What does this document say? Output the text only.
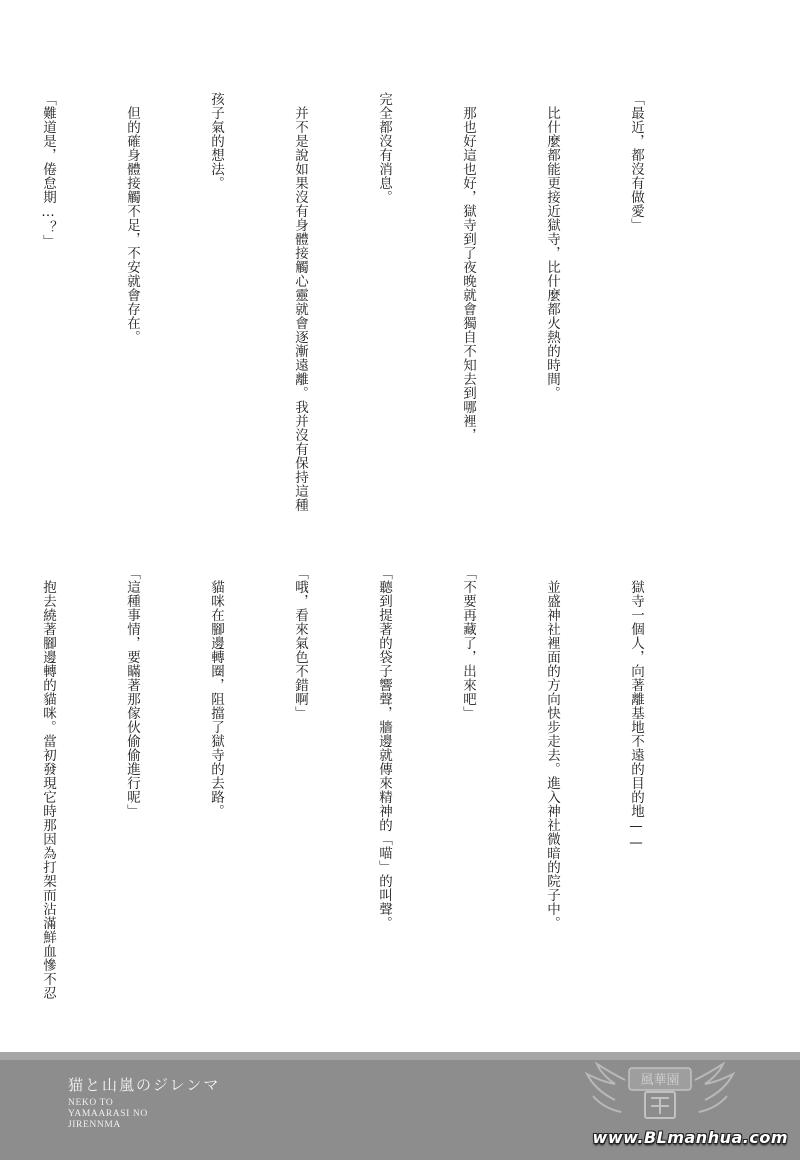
「最近，都沒有做愛」

　比什麼都能更接近獄寺，比什麼都火熱的時間。

　那也好這也好，獄寺到了夜晚就會獨自不知去到哪裡，

完全都沒有消息。

　并不是說如果沒有身體接觸心靈就會逐漸遠離。我并沒有保持這種

孩子氣的想法。

　但的確身體接觸不足，不安就會存在。

「難道是，倦怠期…？」

　獄寺一個人，向著離基地不遠的目的地——

　並盛神社裡面的方向快步走去。進入神社微暗的院子中。

「不要再藏了，出來吧」

「聽到提著的袋子響聲，牆邊就傳來精神的「喵」的叫聲。

「哦，看來氣色不錯啊」

　貓咪在腳邊轉圈，阻擋了獄寺的去路。

「這種事情，要瞞著那傢伙偷偷進行呢」

　抱去繞著腳邊轉的貓咪。當初發現它時那因為打架而沾滿鮮血慘不忍

猫と山嵐のジレンマ
NEKO TO
YAMAARASI NO
JIRENNMA
風華園
www.BLmanhua.com
